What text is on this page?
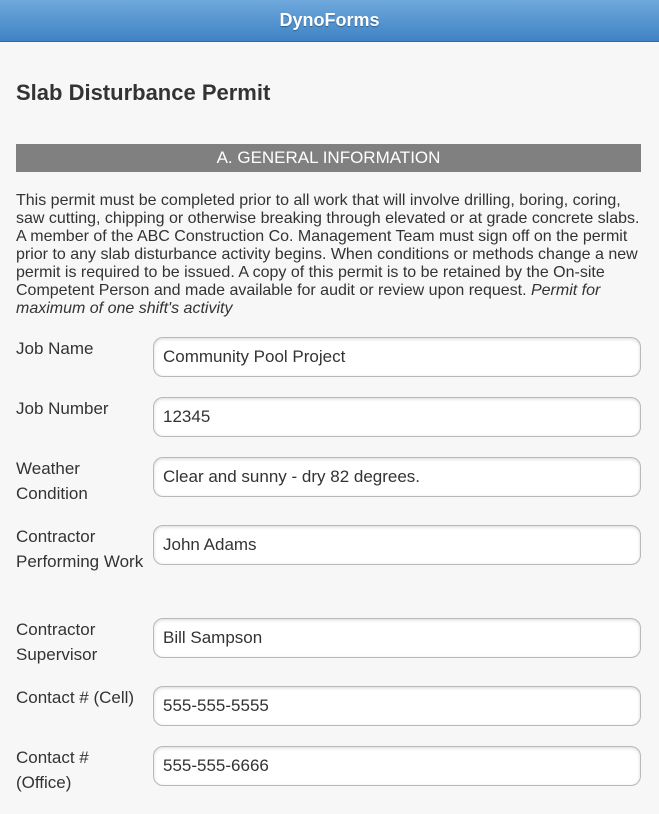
DynoForms
Slab Disturbance Permit
A. GENERAL INFORMATION
This permit must be completed prior to all work that will involve drilling, boring, coring, saw cutting, chipping or otherwise breaking through elevated or at grade concrete slabs. A member of the ABC Construction Co. Management Team must sign off on the permit prior to any slab disturbance activity begins. When conditions or methods change a new permit is required to be issued. A copy of this permit is to be retained by the On-site Competent Person and made available for audit or review upon request. Permit for maximum of one shift's activity
Job Name
Community Pool Project
Job Number
12345
Weather Condition
Clear and sunny - dry 82 degrees.
Contractor Performing Work
John Adams
Contractor Supervisor
Bill Sampson
Contact # (Cell)
555-555-5555
Contact # (Office)
555-555-6666
